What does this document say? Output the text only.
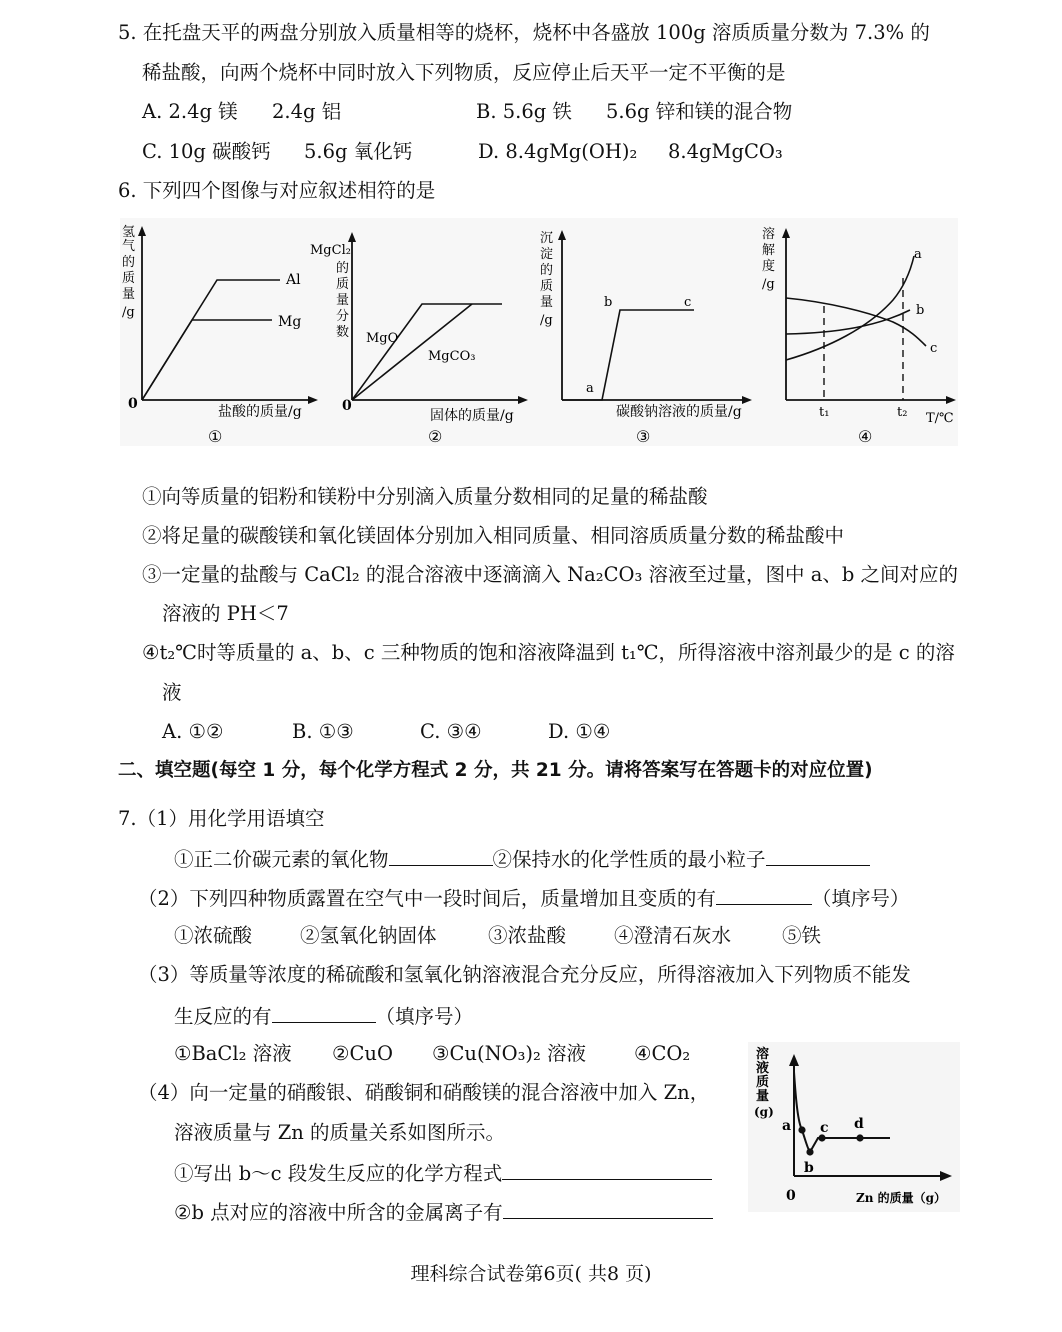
5. 在托盘天平的两盘分别放入质量相等的烧杯，烧杯中各盛放 100g 溶质质量分数为 7.3% 的
稀盐酸，向两个烧杯中同时放入下列物质，反应停止后天平一定不平衡的是
A. 2.4g 镁 2.4g 铝	B. 5.6g 铁 5.6g 锌和镁的混合物
C. 10g 碳酸钙 5.6g 氧化钙	D. 8.4gMg(OH)₂ 8.4gMgCO₃
6. 下列四个图像与对应叙述相符的是
Al
Mg
0	盐酸的质量/g
氢
气
的
质
量
/g
①
MgO
MgCO₃
0
固体的质量/g
MgCl₂
的
质
量
分
数
②
a
b	c
碳酸钠溶液的质量/g
沉
淀
的
质
量
/g
③
a
b
c
t₁	t₂ T/℃
溶
解
度
/g
④
①向等质量的铝粉和镁粉中分别滴入质量分数相同的足量的稀盐酸
②将足量的碳酸镁和氧化镁固体分别加入相同质量、相同溶质质量分数的稀盐酸中
③一定量的盐酸与 CaCl₂ 的混合溶液中逐滴滴入 Na₂CO₃ 溶液至过量，图中 a、b 之间对应的
溶液的 PH＜7
④t₂℃时等质量的 a、b、c 三种物质的饱和溶液降温到 t₁℃，所得溶液中溶剂最少的是 c 的溶
液
A. ①②	B. ①③	C. ③④	D. ①④
二、填空题(每空 1 分，每个化学方程式 2 分，共 21 分。请将答案写在答题卡的对应位置)
7.（1）用化学用语填空
①正二价碳元素的氧化物	②保持水的化学性质的最小粒子
（2）下列四种物质露置在空气中一段时间后，质量增加且变质的有	（填序号）
①浓硫酸 ②氢氧化钠固体	③浓盐酸 ④澄清石灰水	⑤铁
（3）等质量等浓度的稀硫酸和氢氧化钠溶液混合充分反应，所得溶液加入下列物质不能发
生反应的有	（填序号）
①BaCl₂ 溶液 ②CuO ③Cu(NO₃)₂ 溶液 ④CO₂
（4）向一定量的硝酸银、硝酸铜和硝酸镁的混合溶液中加入 Zn，
溶液质量与 Zn 的质量关系如图所示。
①写出 b～c 段发生反应的化学方程式
②b 点对应的溶液中所含的金属离子有
a
b
c d
0	Zn 的质量（g）
溶
液
质
量
(g)
理科综合试卷第6页( 共8 页)
